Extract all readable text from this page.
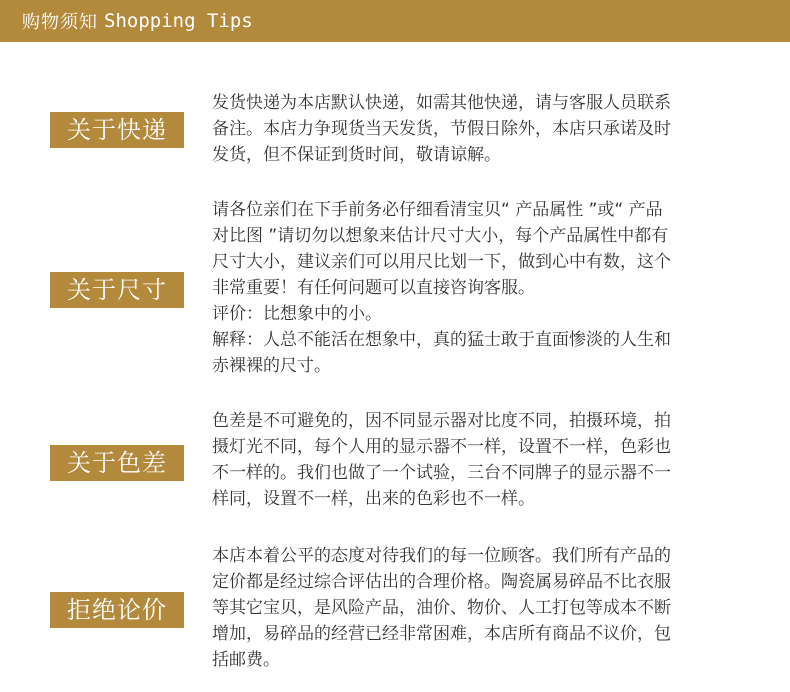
购物须知 Shopping Tips
关于快递

发货快递为本店默认快递，如需其他快递，请与客服人员联系

备注。本店力争现货当天发货，节假日除外，本店只承诺及时

发货，但不保证到货时间，敬请谅解。

关于尺寸

请各位亲们在下手前务必仔细看清宝贝“ 产品属性 ”或“ 产品

对比图 ”请切勿以想象来估计尺寸大小，每个产品属性中都有

尺寸大小，建议亲们可以用尺比划一下，做到心中有数，这个

非常重要！有任何问题可以直接咨询客服。

评价：比想象中的小。

解释：人总不能活在想象中，真的猛士敢于直面惨淡的人生和

赤裸裸的尺寸。

关于色差

色差是不可避免的，因不同显示器对比度不同，拍摄环境，拍

摄灯光不同，每个人用的显示器不一样，设置不一样，色彩也

不一样的。我们也做了一个试验，三台不同牌子的显示器不一

样同，设置不一样，出来的色彩也不一样。

拒绝论价

本店本着公平的态度对待我们的每一位顾客。我们所有产品的

定价都是经过综合评估出的合理价格。陶瓷属易碎品不比衣服

等其它宝贝，是风险产品，油价、物价、人工打包等成本不断

增加，易碎品的经营已经非常困难，本店所有商品不议价，包

括邮费。
